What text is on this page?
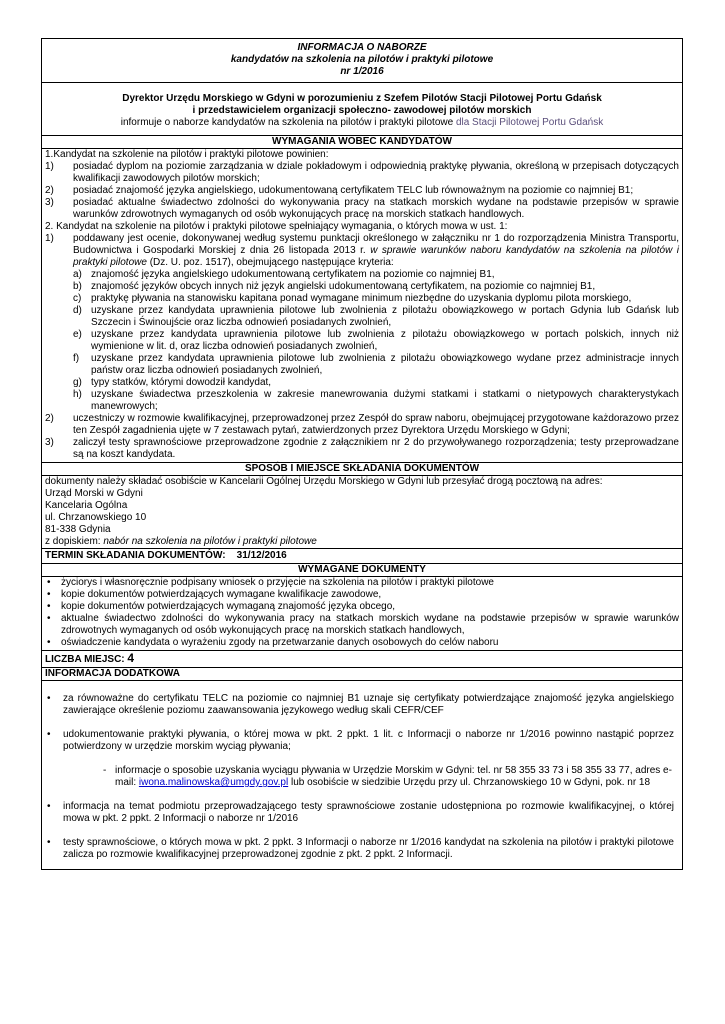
INFORMACJA O NABORZE
kandydatów na szkolenia na pilotów i praktyki pilotowe
nr 1/2016
Dyrektor Urzędu Morskiego w Gdyni w porozumieniu z Szefem Pilotów Stacji Pilotowej Portu Gdańsk
i przedstawicielem organizacji społeczno- zawodowej pilotów morskich
informuje o naborze kandydatów na szkolenia na pilotów i praktyki pilotowe dla Stacji Pilotowej Portu Gdańsk
WYMAGANIA WOBEC KANDYDATÓW
1.Kandydat na szkolenie na pilotów i praktyki pilotowe powinien:
1)	posiadać dyplom na poziomie zarządzania w dziale pokładowym i odpowiednią praktykę pływania, określoną w przepisach dotyczących kwalifikacji zawodowych pilotów morskich;
2)	posiadać znajomość języka angielskiego, udokumentowaną certyfikatem TELC lub równoważnym na poziomie co najmniej B1;
3)	posiadać aktualne świadectwo zdolności do wykonywania pracy na statkach morskich wydane na podstawie przepisów w sprawie warunków zdrowotnych wymaganych od osób wykonujących pracę na morskich statkach handlowych.
2. Kandydat na szkolenie na pilotów i praktyki pilotowe spełniający wymagania, o których mowa w ust. 1:
1)	poddawany jest ocenie, dokonywanej według systemu punktacji określonego w załączniku nr 1 do rozporządzenia Ministra Transportu, Budownictwa i Gospodarki Morskiej z dnia 26 listopada 2013 r. w sprawie warunków naboru kandydatów na szkolenia na pilotów i praktyki pilotowe (Dz. U. poz. 1517), obejmującego następujące kryteria:
a) znajomość języka angielskiego udokumentowaną certyfikatem na poziomie co najmniej B1,
b) znajomość języków obcych innych niż język angielski udokumentowaną certyfikatem, na poziomie co najmniej B1,
c) praktykę pływania na stanowisku kapitana ponad wymagane minimum niezbędne do uzyskania dyplomu pilota morskiego,
d) uzyskane przez kandydata uprawnienia pilotowe lub zwolnienia z pilotażu obowiązkowego w portach Gdynia lub Gdańsk lub Szczecin i Świnoujście oraz liczba odnowień posiadanych zwolnień,
e) uzyskane przez kandydata uprawnienia pilotowe lub zwolnienia z pilotażu obowiązkowego w portach polskich, innych niż wymienione w lit. d, oraz liczba odnowień posiadanych zwolnień,
f)	uzyskane przez kandydata uprawnienia pilotowe lub zwolnienia z pilotażu obowiązkowego wydane przez administracje innych państw oraz liczba odnowień posiadanych zwolnień,
g) typy statków, którymi dowodził kandydat,
h) uzyskane świadectwa przeszkolenia w zakresie manewrowania dużymi statkami i statkami o nietypowych charakterystykach manewrowych;
2)	uczestniczy w rozmowie kwalifikacyjnej, przeprowadzonej przez Zespół do spraw naboru, obejmującej przygotowane każdorazowo przez ten Zespół zagadnienia ujęte w 7 zestawach pytań, zatwierdzonych przez Dyrektora Urzędu Morskiego w Gdyni;
3)	zaliczył testy sprawnościowe przeprowadzone zgodnie z załącznikiem nr 2 do przywoływanego rozporządzenia; testy przeprowadzane są na koszt kandydata.
SPOSÓB I MIEJSCE SKŁADANIA DOKUMENTÓW
dokumenty należy składać osobiście w Kancelarii Ogólnej Urzędu Morskiego w Gdyni lub przesyłać drogą pocztową na adres:
Urząd Morski w Gdyni
Kancelaria Ogólna
ul. Chrzanowskiego 10
81-338 Gdynia
z dopiskiem: nabór na szkolenia na pilotów i praktyki pilotowe
TERMIN SKŁADANIA DOKUMENTÓW: 31/12/2016
WYMAGANE DOKUMENTY
•	życiorys i własnoręcznie podpisany wniosek o przyjęcie na szkolenia na pilotów i praktyki pilotowe
•	kopie dokumentów potwierdzających wymagane kwalifikacje zawodowe,
•	kopie dokumentów potwierdzających wymaganą znajomość języka obcego,
•	aktualne świadectwo zdolności do wykonywania pracy na statkach morskich wydane na podstawie przepisów w sprawie warunków zdrowotnych wymaganych od osób wykonujących pracę na morskich statkach handlowych,
•	oświadczenie kandydata o wyrażeniu zgody na przetwarzanie danych osobowych do celów naboru
LICZBA MIEJSC: 4
INFORMACJA DODATKOWA
•	za równoważne do certyfikatu TELC na poziomie co najmniej B1 uznaje się certyfikaty potwierdzające znajomość języka angielskiego zawierające określenie poziomu zaawansowania językowego według skali CEFR/CEF
•	udokumentowanie praktyki pływania, o której mowa w pkt. 2 ppkt. 1 lit. c Informacji o naborze nr 1/2016 powinno nastąpić poprzez potwierdzony w urzędzie morskim wyciąg pływania;
- informacje o sposobie uzyskania wyciągu pływania w Urzędzie Morskim w Gdyni: tel. nr 58 355 33 73 i 58 355 33 77, adres e-mail: iwona.malinowska@umgdy.gov.pl lub osobiście w siedzibie Urzędu przy ul. Chrzanowskiego 10 w Gdyni, pok. nr 18
•	informacja na temat podmiotu przeprowadzającego testy sprawnościowe zostanie udostępniona po rozmowie kwalifikacyjnej, o której mowa w pkt. 2 ppkt. 2 Informacji o naborze nr 1/2016
•	testy sprawnościowe, o których mowa w pkt. 2 ppkt. 3 Informacji o naborze nr 1/2016 kandydat na szkolenia na pilotów i praktyki pilotowe zalicza po rozmowie kwalifikacyjnej przeprowadzonej zgodnie z pkt. 2 ppkt. 2 Informacji.
